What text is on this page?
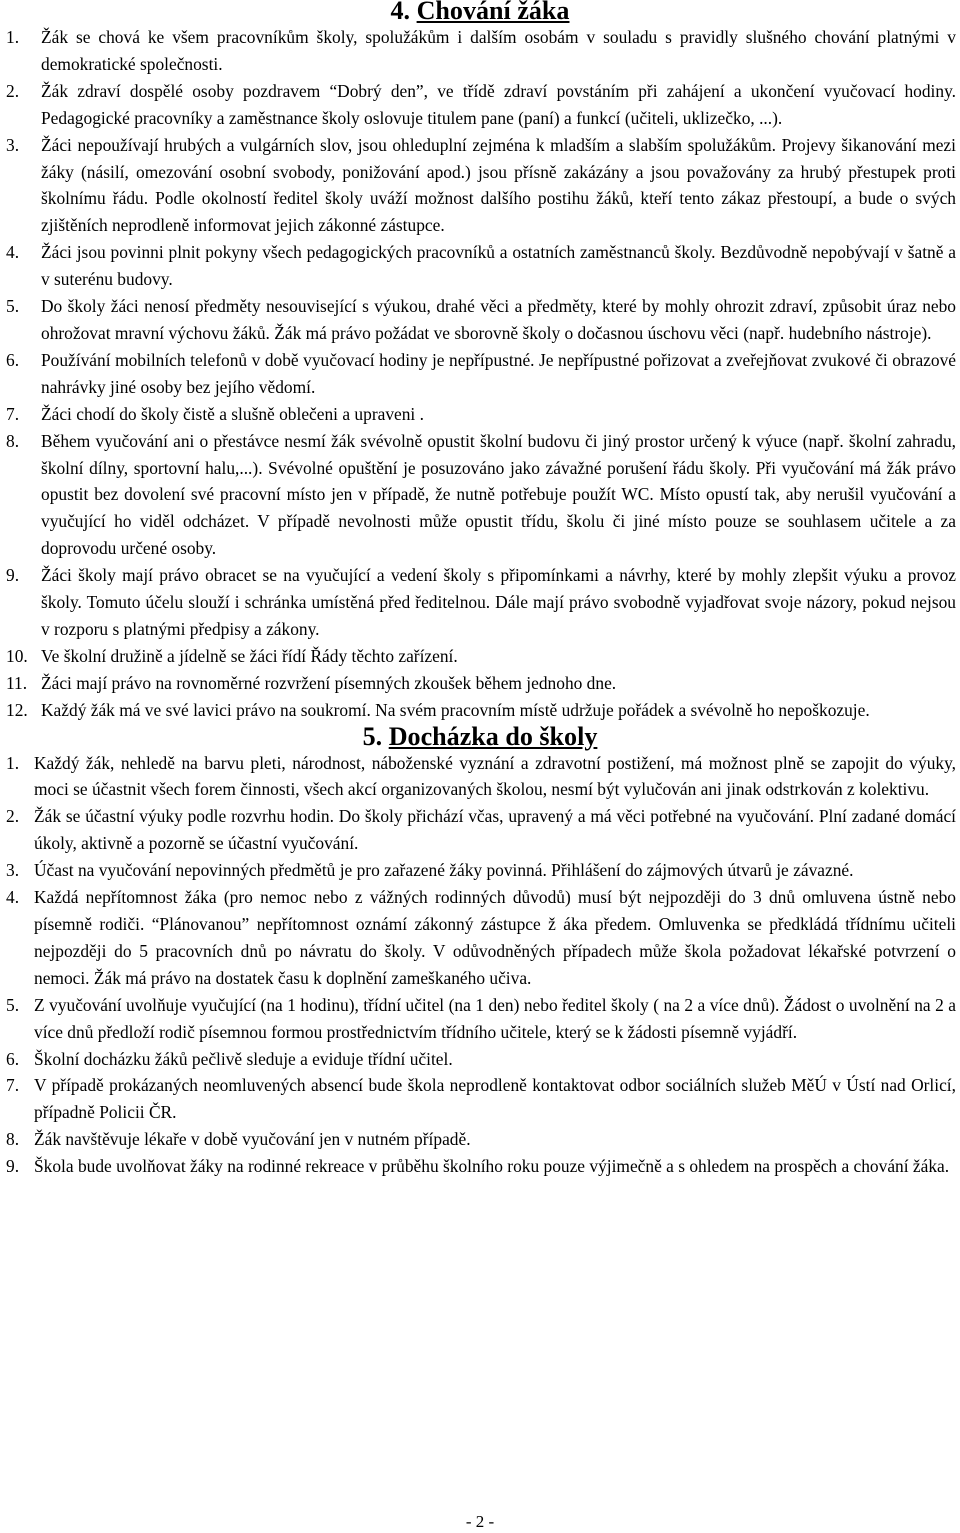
4. Chování žáka
1. Žák se chová ke všem pracovníkům školy, spolužákům i dalším osobám v souladu s pravidly slušného chování platnými v demokratické společnosti.
2. Žák zdraví dospělé osoby pozdravem “Dobrý den”, ve třídě zdraví povstáním při zahájení a ukončení vyučovací hodiny. Pedagogické pracovníky a zaměstnance školy oslovuje titulem pane (paní) a funkcí (učiteli, uklizečko, ...).
3. Žáci nepoužívají hrubých a vulgárních slov, jsou ohleduplní zejména k mladším a slabším spolužákům. Projevy šikanování mezi žáky (násilí, omezování osobní svobody, ponižování apod.) jsou přísně zakázány a jsou považovány za hrubý přestupek proti školnímu řádu. Podle okolností ředitel školy uváží možnost dalšího postihu žáků, kteří tento zákaz přestoupí, a bude o svých zjištěních neprodleně informovat jejich zákonné zástupce.
4. Žáci jsou povinni plnit pokyny všech pedagogických pracovníků a ostatních zaměstnanců školy. Bezdůvodně nepobývají v šatně a v suterénu budovy.
5. Do školy žáci nenosí předměty nesouvisející s výukou, drahé věci a předměty, které by mohly ohrozit zdraví, způsobit úraz nebo ohrožovat mravní výchovu žáků. Žák má právo požádat ve sborovně školy o dočasnou úschovu věci (např. hudebního nástroje).
6. Používání mobilních telefonů v době vyučovací hodiny je nepřípustné. Je nepřípustné pořizovat a zveřejňovat zvukové či obrazové nahrávky jiné osoby bez jejího vědomí.
7. Žáci chodí do školy čistě a slušně oblečeni a upraveni .
8. Během vyučování ani o přestávce nesmí žák svévolně opustit školní budovu či jiný prostor určený k výuce (např. školní zahradu, školní dílny, sportovní halu,...). Svévolné opuštění je posuzováno jako závažné porušení řádu školy. Při vyučování má žák právo opustit bez dovolení své pracovní místo jen v případě, že nutně potřebuje použít WC. Místo opustí tak, aby nerušil vyučování a vyučující ho viděl odcházet. V případě nevolnosti může opustit třídu, školu či jiné místo pouze se souhlasem učitele a za doprovodu určené osoby.
9. Žáci školy mají právo obracet se na vyučující a vedení školy s připomínkami a návrhy, které by mohly zlepšit výuku a provoz školy. Tomuto účelu slouží i schránka umístěná před ředitelnou. Dále mají právo svobodně vyjadřovat svoje názory, pokud nejsou v rozporu s platnými předpisy a zákony.
10. Ve školní družině a jídelně se žáci řídí Řády těchto zařízení.
11. Žáci mají právo na rovnoměrné rozvržení písemných zkoušek během jednoho dne.
12. Každý žák má ve své lavici právo na soukromí. Na svém pracovním místě udržuje pořádek a svévolně ho nepoškozuje.
5. Docházka do školy
1. Každý žák, nehledě na barvu pleti, národnost, náboženské vyznání a zdravotní postižení, má možnost plně se zapojit do výuky, moci se účastnit všech forem činnosti, všech akcí organizovaných školou, nesmí být vylučován ani jinak odstrkován z kolektivu.
2. Žák se účastní výuky podle rozvrhu hodin. Do školy přichází včas, upravený a má věci potřebné na vyučování. Plní zadané domácí úkoly, aktivně a pozorně se účastní vyučování.
3. Účast na vyučování nepovinných předmětů je pro zařazené žáky povinná. Přihlášení do zájmových útvarů je závazné.
4. Každá nepřítomnost žáka (pro nemoc nebo z vážných rodinných důvodů) musí být nejpozději do 3 dnů omluvena ústně nebo písemně rodiči. “Plánovanou” nepřítomnost oznámí zákonný zástupce ž áka předem. Omluvenka se předkládá třídnímu učiteli nejpozději do 5 pracovních dnů po návratu do školy. V odůvodněných případech může škola požadovat lékařské potvrzení o nemoci. Žák má právo na dostatek času k doplnění zameškaného učiva.
5. Z vyučování uvolňuje vyučující (na 1 hodinu), třídní učitel (na 1 den) nebo ředitel školy ( na 2 a více dnů). Žádost o uvolnění na 2 a více dnů předloží rodič písemnou formou prostřednictvím třídního učitele, který se k žádosti písemně vyjádří.
6. Školní docházku žáků pečlivě sleduje a eviduje třídní učitel.
7. V případě prokázaných neomluvených absencí bude škola neprodleně kontaktovat odbor sociálních služeb MěÚ v Ústí nad Orlicí, případně Policii ČR.
8. Žák navštěvuje lékaře v době vyučování jen v nutném případě.
9. Škola bude uvolňovat žáky na rodinné rekreace v průběhu školního roku pouze výjimečně a s ohledem na prospěch a chování žáka.
- 2 -
